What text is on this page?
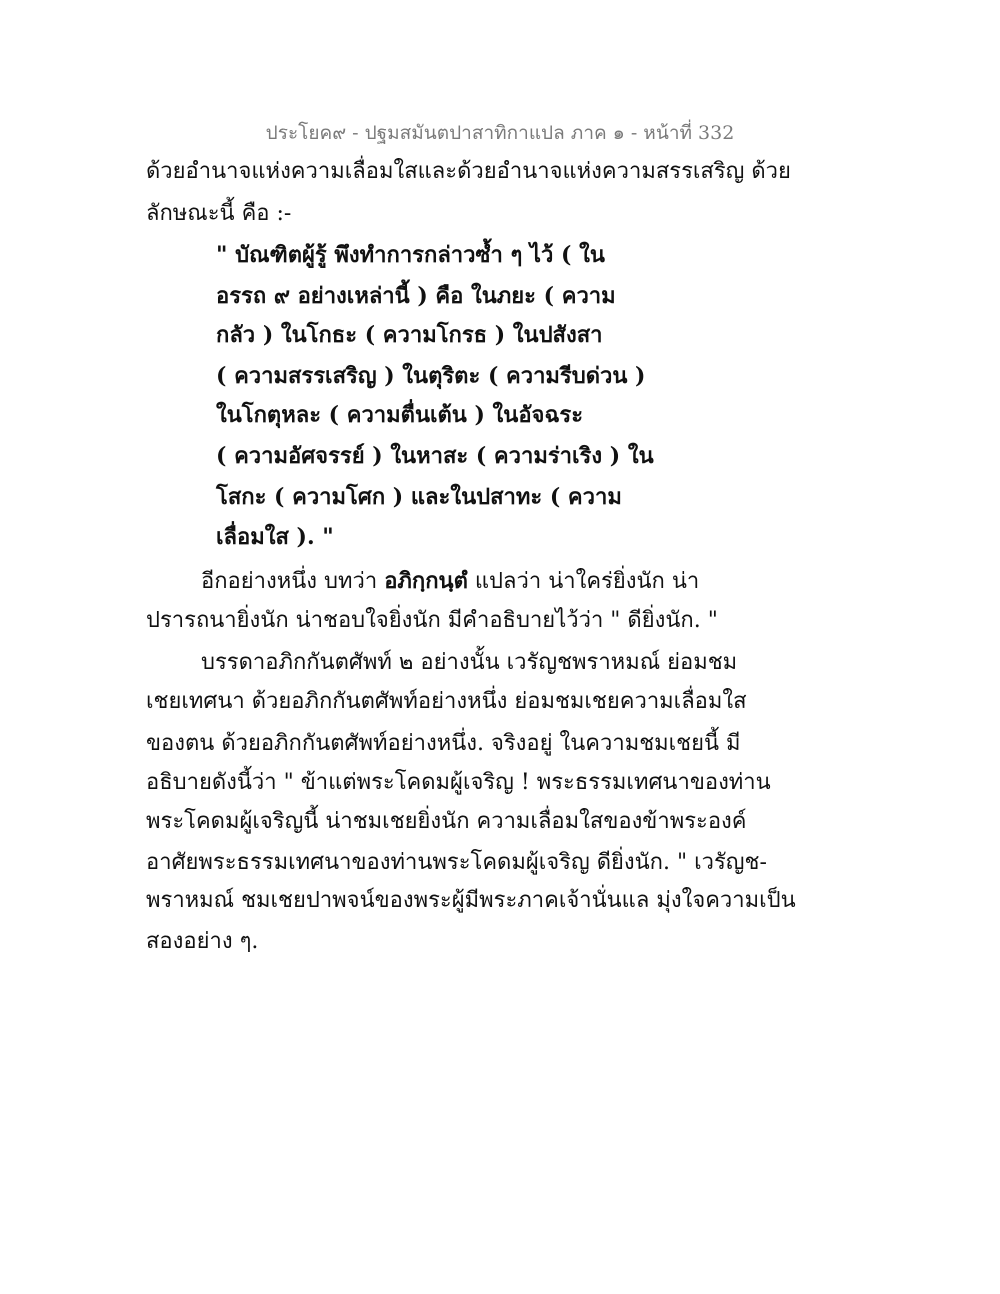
ประโยค๙ - ปฐมสมันตปาสาทิกาแปล ภาค ๑ - หน้าที่ 332
ด้วยอำนาจแห่งความเลื่อมใสและด้วยอำนาจแห่งความสรรเสริญ ด้วย
ลักษณะนี้ คือ :-
" บัณฑิตผู้รู้ พึงทำการกล่าวซ้ำ ๆ ไว้ ( ใน
อรรถ ๙ อย่างเหล่านี้ ) คือ ในภยะ ( ความ
กลัว ) ในโกธะ ( ความโกรธ ) ในปสังสา
( ความสรรเสริญ ) ในตุริตะ ( ความรีบด่วน )
ในโกตุหละ ( ความตื่นเต้น ) ในอัจฉระ
( ความอัศจรรย์ ) ในหาสะ ( ความร่าเริง ) ใน
โสกะ ( ความโศก ) และในปสาทะ ( ความ
เลื่อมใส ). "
อีกอย่างหนึ่ง บทว่า อภิกฺกนฺตํ แปลว่า น่าใคร่ยิ่งนัก น่า
ปรารถนายิ่งนัก น่าชอบใจยิ่งนัก มีคำอธิบายไว้ว่า " ดียิ่งนัก. "
บรรดาอภิกกันตศัพท์ ๒ อย่างนั้น เวรัญชพราหมณ์ ย่อมชม
เชยเทศนา ด้วยอภิกกันตศัพท์อย่างหนึ่ง ย่อมชมเชยความเลื่อมใส
ของตน ด้วยอภิกกันตศัพท์อย่างหนึ่ง. จริงอยู่ ในความชมเชยนี้ มี
อธิบายดังนี้ว่า " ข้าแต่พระโคดมผู้เจริญ ! พระธรรมเทศนาของท่าน
พระโคดมผู้เจริญนี้ น่าชมเชยยิ่งนัก ความเลื่อมใสของข้าพระองค์
อาศัยพระธรรมเทศนาของท่านพระโคดมผู้เจริญ ดียิ่งนัก. " เวรัญช-
พราหมณ์ ชมเชยปาพจน์ของพระผู้มีพระภาคเจ้านั่นแล มุ่งใจความเป็น
สองอย่าง ๆ.
